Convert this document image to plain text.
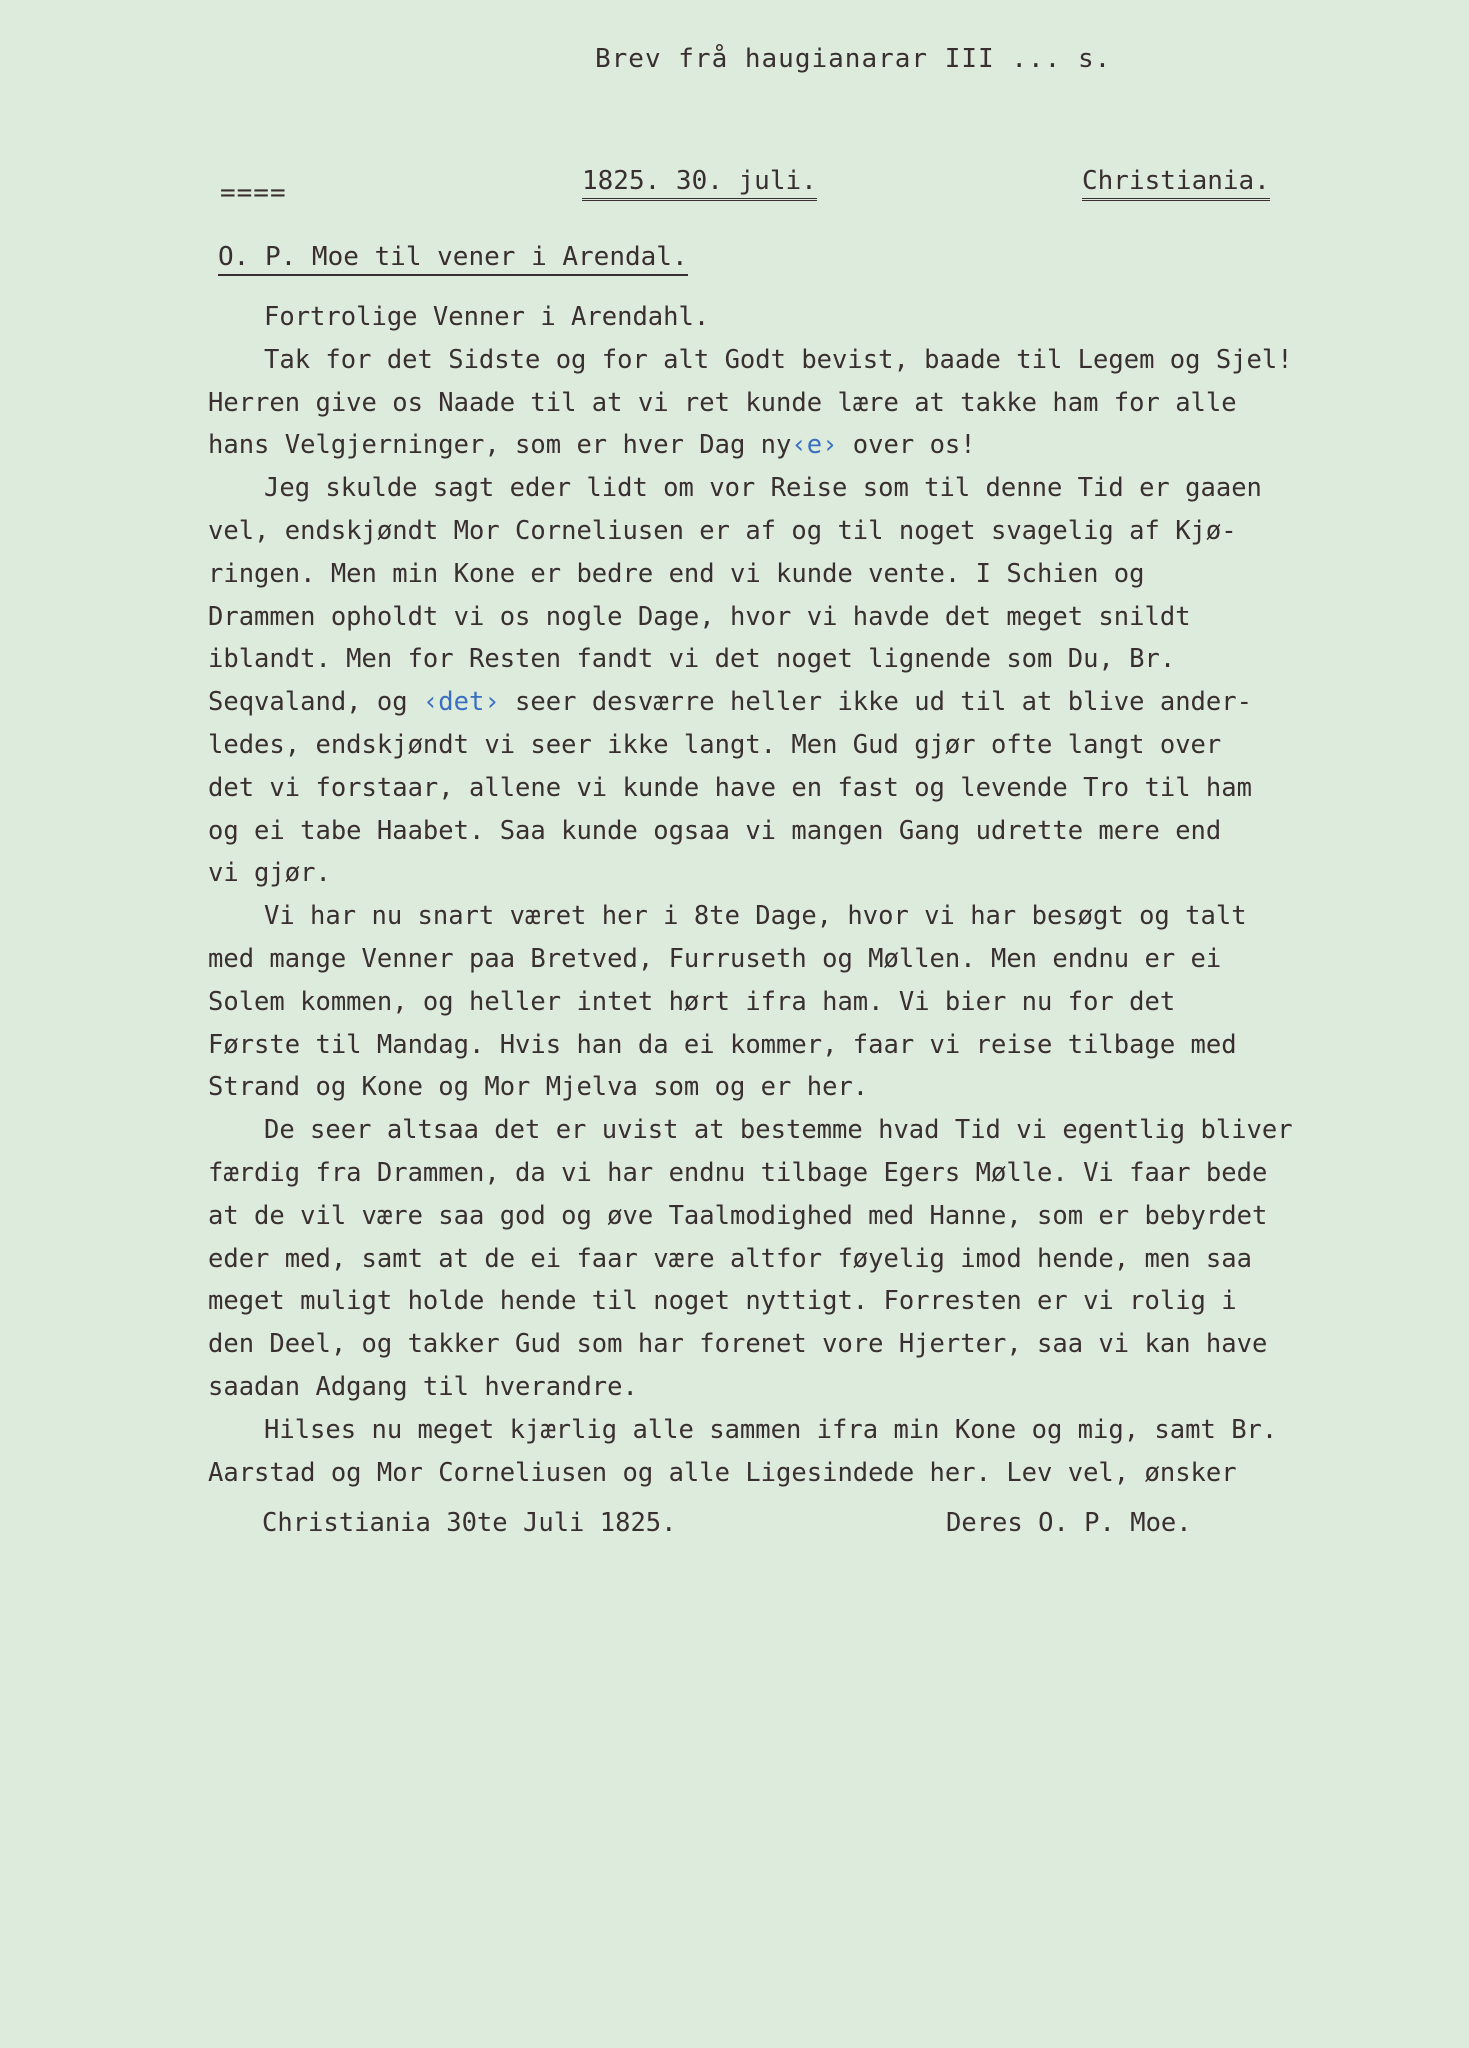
Brev frå haugianarar III ... s.
====	1825. 30. juli.	Christiania.
O. P. Moe til vener i Arendal.
Fortrolige Venner i Arendahl.
Tak for det Sidste og for alt Godt bevist, baade til Legem og Sjel!
Herren give os Naade til at vi ret kunde lære at takke ham for alle
hans Velgjerninger, som er hver Dag ny‹e› over os!
Jeg skulde sagt eder lidt om vor Reise som til denne Tid er gaaen
vel, endskjøndt Mor Corneliusen er af og til noget svagelig af Kjø-
ringen. Men min Kone er bedre end vi kunde vente. I Schien og
Drammen opholdt vi os nogle Dage, hvor vi havde det meget snildt
iblandt. Men for Resten fandt vi det noget lignende som Du, Br.
Seqvaland, og ‹det› seer desværre heller ikke ud til at blive ander-
ledes, endskjøndt vi seer ikke langt. Men Gud gjør ofte langt over
det vi forstaar, allene vi kunde have en fast og levende Tro til ham
og ei tabe Haabet. Saa kunde ogsaa vi mangen Gang udrette mere end
vi gjør.
Vi har nu snart været her i 8te Dage, hvor vi har besøgt og talt
med mange Venner paa Bretved, Furruseth og Møllen. Men endnu er ei
Solem kommen, og heller intet hørt ifra ham. Vi bier nu for det
Første til Mandag. Hvis han da ei kommer, faar vi reise tilbage med
Strand og Kone og Mor Mjelva som og er her.
De seer altsaa det er uvist at bestemme hvad Tid vi egentlig bliver
færdig fra Drammen, da vi har endnu tilbage Egers Mølle. Vi faar bede
at de vil være saa god og øve Taalmodighed med Hanne, som er bebyrdet
eder med, samt at de ei faar være altfor føyelig imod hende, men saa
meget muligt holde hende til noget nyttigt. Forresten er vi rolig i
den Deel, og takker Gud som har forenet vore Hjerter, saa vi kan have
saadan Adgang til hverandre.
Hilses nu meget kjærlig alle sammen ifra min Kone og mig, samt Br.
Aarstad og Mor Corneliusen og alle Ligesindede her. Lev vel, ønsker
Christiania 30te Juli 1825.	Deres O. P. Moe.
